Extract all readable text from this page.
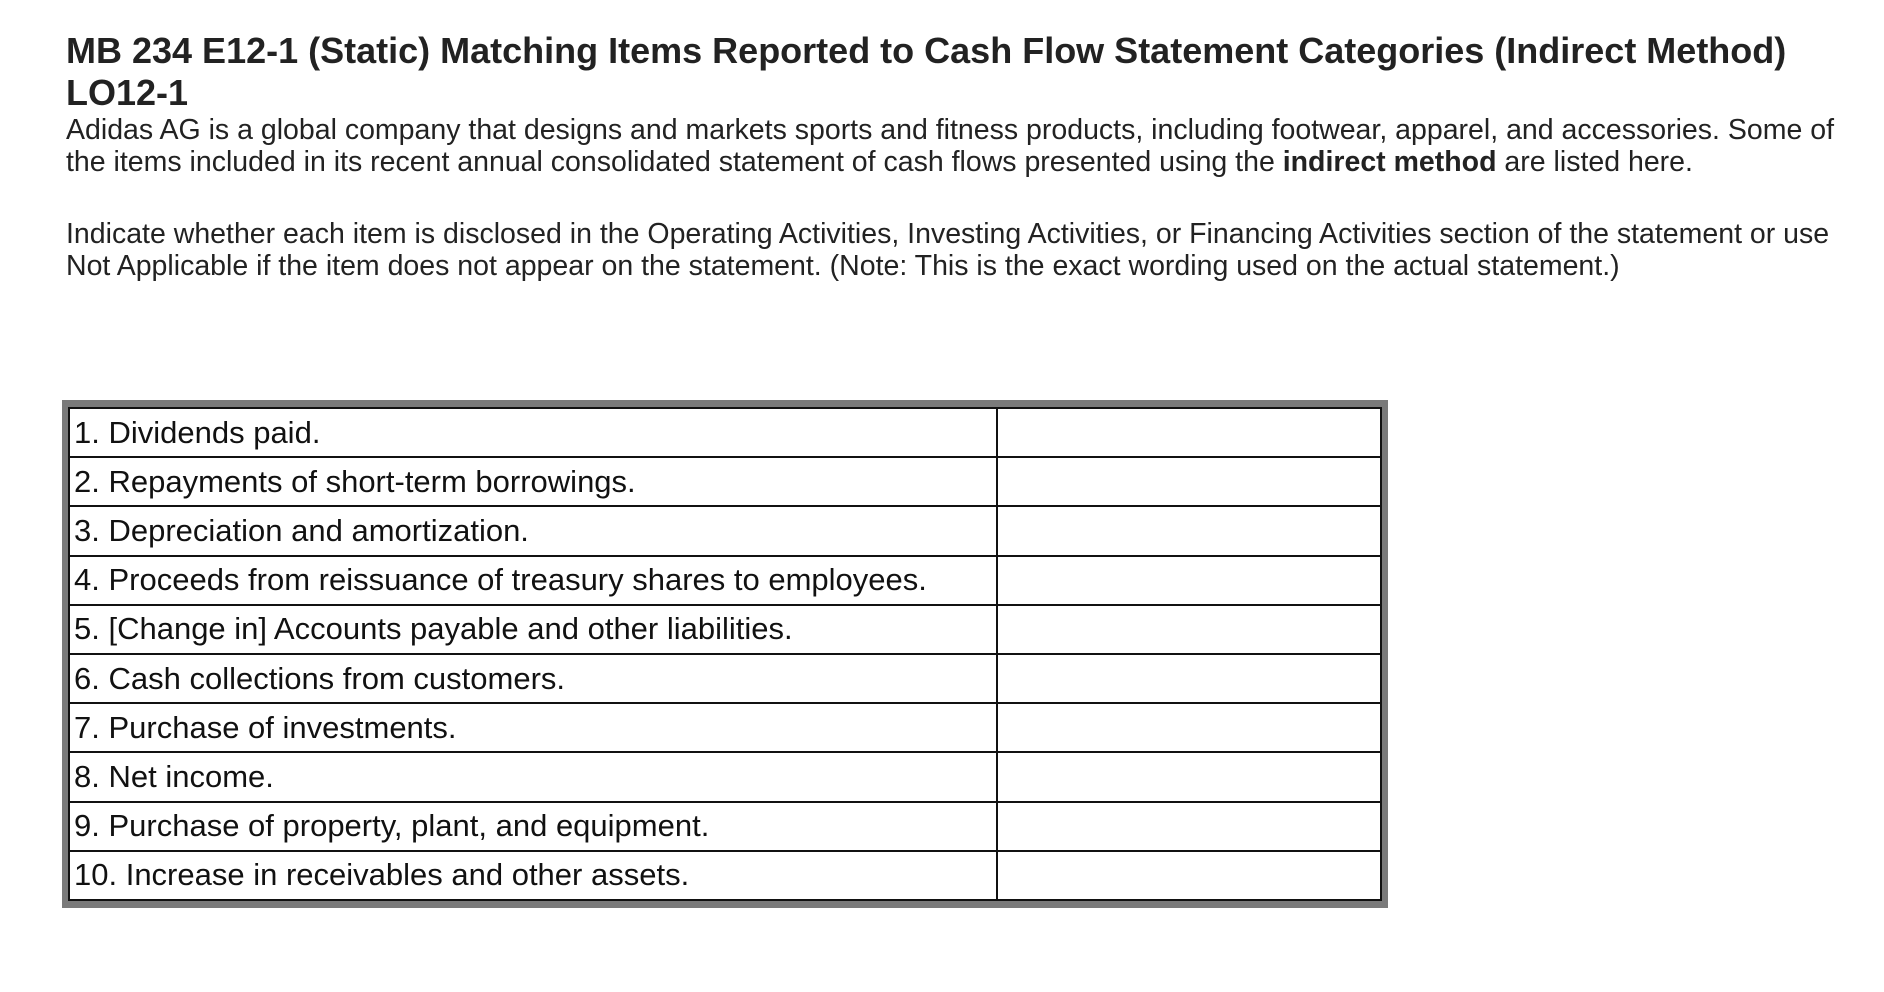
MB 234 E12-1 (Static) Matching Items Reported to Cash Flow Statement Categories (Indirect Method) LO12-1

Adidas AG is a global company that designs and markets sports and fitness products, including footwear, apparel, and accessories. Some of the items included in its recent annual consolidated statement of cash flows presented using the indirect method are listed here.

Indicate whether each item is disclosed in the Operating Activities, Investing Activities, or Financing Activities section of the statement or use Not Applicable if the item does not appear on the statement. (Note: This is the exact wording used on the actual statement.)

1. Dividends paid.	
2. Repayments of short-term borrowings.	
3. Depreciation and amortization.	
4. Proceeds from reissuance of treasury shares to employees.	
5. [Change in] Accounts payable and other liabilities.	
6. Cash collections from customers.	
7. Purchase of investments.	
8. Net income.	
9. Purchase of property, plant, and equipment.	
10. Increase in receivables and other assets.	
